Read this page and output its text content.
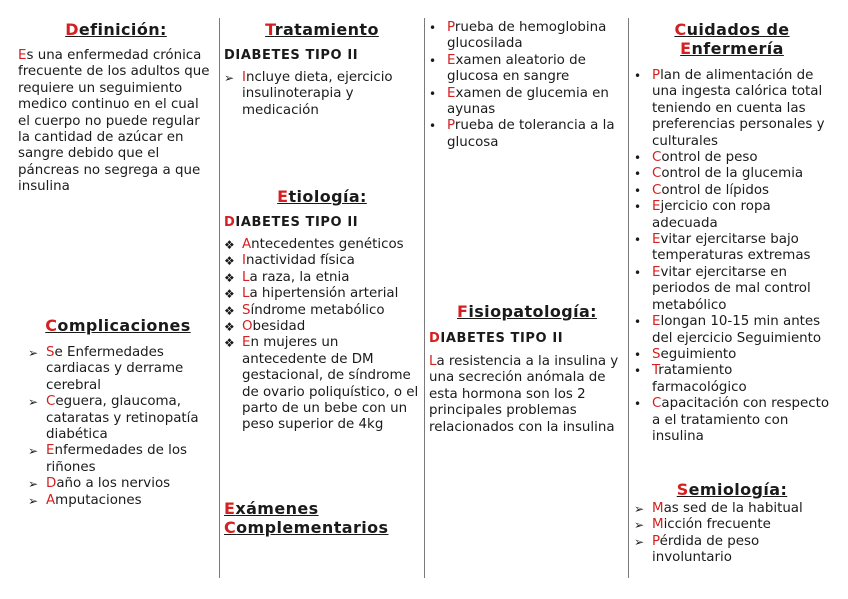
Definición:

Es una enfermedad crónica frecuente de los adultos que requiere un seguimiento medico continuo en el cual el cuerpo no puede regular la cantidad de azúcar en sangre debido que el páncreas no segrega a que insulina

Complicaciones

➢ Se Enfermedades cardiacas y derrame cerebral
➢ Ceguera, glaucoma, cataratas y retinopatía diabética
➢ Enfermedades de los riñones
➢ Daño a los nervios
➢ Amputaciones

Tratamiento

DIABETES TIPO II

➢ Incluye dieta, ejercicio insulinoterapia y medicación

Etiología:

DIABETES TIPO II

❖ Antecedentes genéticos
❖ Inactividad física
❖ La raza, la etnia
❖ La hipertensión arterial
❖ Síndrome metabólico
❖ Obesidad
❖ En mujeres un antecedente de DM gestacional, de síndrome de ovario poliquístico, o el parto de un bebe con un peso superior de 4kg

Exámenes

Complementarios

• Prueba de hemoglobina glucosilada
• Examen aleatorio de glucosa en sangre
• Examen de glucemia en ayunas
• Prueba de tolerancia a la glucosa

Fisiopatología:

DIABETES TIPO II

La resistencia a la insulina y una secreción anómala de esta hormona son los 2 principales problemas relacionados con la insulina

Cuidados de

Enfermería

• Plan de alimentación de una ingesta calórica total teniendo en cuenta las preferencias personales y culturales
• Control de peso
• Control de la glucemia
• Control de lípidos
• Ejercicio con ropa adecuada
• Evitar ejercitarse bajo temperaturas extremas
• Evitar ejercitarse en periodos de mal control metabólico
• Elongan 10-15 min antes del ejercicio Seguimiento
• Seguimiento
• Tratamiento farmacológico
• Capacitación con respecto a el tratamiento con insulina

Semiología:

➢ Mas sed de la habitual
➢ Micción frecuente
➢ Pérdida de peso involuntario
